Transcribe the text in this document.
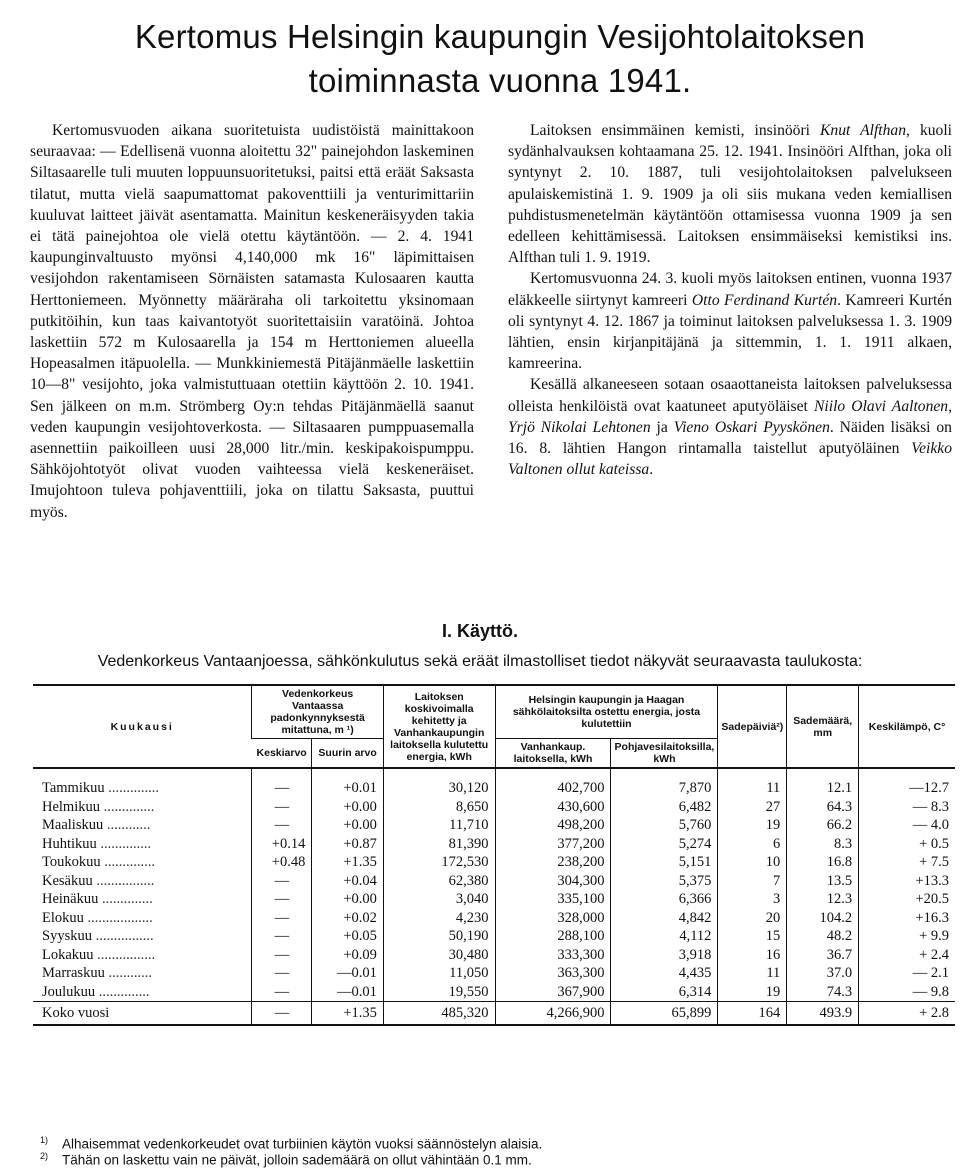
Kertomus Helsingin kaupungin Vesijohtolaitoksen
toiminnasta vuonna 1941.

Kertomusvuoden aikana suoritetuista uudistöistä mainittakoon seuraavaa: — Edellisenä vuonna aloitettu 32" painejohdon laskeminen Siltasaarelle tuli muuten loppuunsuoritetuksi, paitsi että eräät Saksasta tilatut, mutta vielä saapumattomat pakoventtiili ja venturimittariin kuuluvat laitteet jäivät asentamatta. Mainitun keskeneräisyyden takia ei tätä painejohtoa ole vielä otettu käytäntöön. — 2. 4. 1941 kaupunginvaltuusto myönsi 4,140,000 mk 16" läpimittaisen vesijohdon rakentamiseen Sörnäisten satamasta Kulosaaren kautta Herttoniemeen. Myönnetty määräraha oli tarkoitettu yksinomaan putkitöihin, kun taas kaivantotyöt suoritettaisiin varatöinä. Johtoa laskettiin 572 m Kulosaarella ja 154 m Herttoniemen alueella Hopeasalmen itäpuolella. — Munkkiniemestä Pitäjänmäelle laskettiin 10—8" vesijohto, joka valmistuttuaan otettiin käyttöön 2. 10. 1941. Sen jälkeen on m.m. Strömberg Oy:n tehdas Pitäjänmäellä saanut veden kaupungin vesijohtoverkosta. — Siltasaaren pumppuasemalla asennettiin paikoilleen uusi 28,000 litr./min. keskipakoispumppu. Sähköjohtotyöt olivat vuoden vaihteessa vielä keskeneräiset. Imujohtoon tuleva pohjaventtiili, joka on tilattu Saksasta, puuttui myös.

Laitoksen ensimmäinen kemisti, insinööri Knut Alfthan, kuoli sydänhalvauksen kohtaamana 25. 12. 1941. Insinööri Alfthan, joka oli syntynyt 2. 10. 1887, tuli vesijohtolaitoksen palvelukseen apulaiskemistinä 1. 9. 1909 ja oli siis mukana veden kemiallisen puhdistusmenetelmän käytäntöön ottamisessa vuonna 1909 ja sen edelleen kehittämisessä. Laitoksen ensimmäiseksi kemistiksi ins. Alfthan tuli 1. 9. 1919.

Kertomusvuonna 24. 3. kuoli myös laitoksen entinen, vuonna 1937 eläkkeelle siirtynyt kamreeri Otto Ferdinand Kurtén. Kamreeri Kurtén oli syntynyt 4. 12. 1867 ja toiminut laitoksen palveluksessa 1. 3. 1909 lähtien, ensin kirjanpitäjänä ja sittemmin, 1. 1. 1911 alkaen, kamreerina.

Kesällä alkaneeseen sotaan osaaottaneista laitoksen palveluksessa olleista henkilöistä ovat kaatuneet aputyöläiset Niilo Olavi Aaltonen, Yrjö Nikolai Lehtonen ja Vieno Oskari Pyyskönen. Näiden lisäksi on 16. 8. lähtien Hangon rintamalla taistellut aputyöläinen Veikko Valtonen ollut kateissa.

I. Käyttö.

Vedenkorkeus Vantaanjoessa, sähkönkulutus sekä eräät ilmastolliset tiedot näkyvät seuraavasta taulukosta:

Kuukausi	Vedenkorkeus Vantaassa padonkynnyksestä mitattuna, m ¹)		Laitoksen koskivoimalla kehitetty ja Vanhankaupungin laitoksella kulutettu energia, kWh	Helsingin kaupungin ja Haagan sähkölaitoksilta ostettu energia, josta kulutettiin		Sadepäiviä²)	Sademäärä, mm	Keskilämpö, C°
	Keskiarvo	Suurin arvo		Vanhankaup. laitoksella, kWh	Pohjavesilaitoksilla, kWh			
Tammikuu ..............	—	+0.01	30,120	402,700	7,870	11	12.1	—12.7
Helmikuu ..............	—	+0.00	8,650	430,600	6,482	27	64.3	— 8.3
Maaliskuu ............	—	+0.00	11,710	498,200	5,760	19	66.2	— 4.0
Huhtikuu ..............	+0.14	+0.87	81,390	377,200	5,274	6	8.3	+ 0.5
Toukokuu ..............	+0.48	+1.35	172,530	238,200	5,151	10	16.8	+ 7.5
Kesäkuu ................	—	+0.04	62,380	304,300	5,375	7	13.5	+13.3
Heinäkuu ..............	—	+0.00	3,040	335,100	6,366	3	12.3	+20.5
Elokuu ..................	—	+0.02	4,230	328,000	4,842	20	104.2	+16.3
Syyskuu ................	—	+0.05	50,190	288,100	4,112	15	48.2	+ 9.9
Lokakuu ................	—	+0.09	30,480	333,300	3,918	16	36.7	+ 2.4
Marraskuu ............	—	—0.01	11,050	363,300	4,435	11	37.0	— 2.1
Joulukuu ..............	—	—0.01	19,550	367,900	6,314	19	74.3	— 9.8
Koko vuosi	—	+1.35	485,320	4,266,900	65,899	164	493.9	+ 2.8
$^{1)}$ Alhaisemmat vedenkorkeudet ovat turbiinien käytön vuoksi säännöstelyn alaisia.
$^{2)}$ Tähän on laskettu vain ne päivät, jolloin sademäärä on ollut vähintään 0.1 mm.
